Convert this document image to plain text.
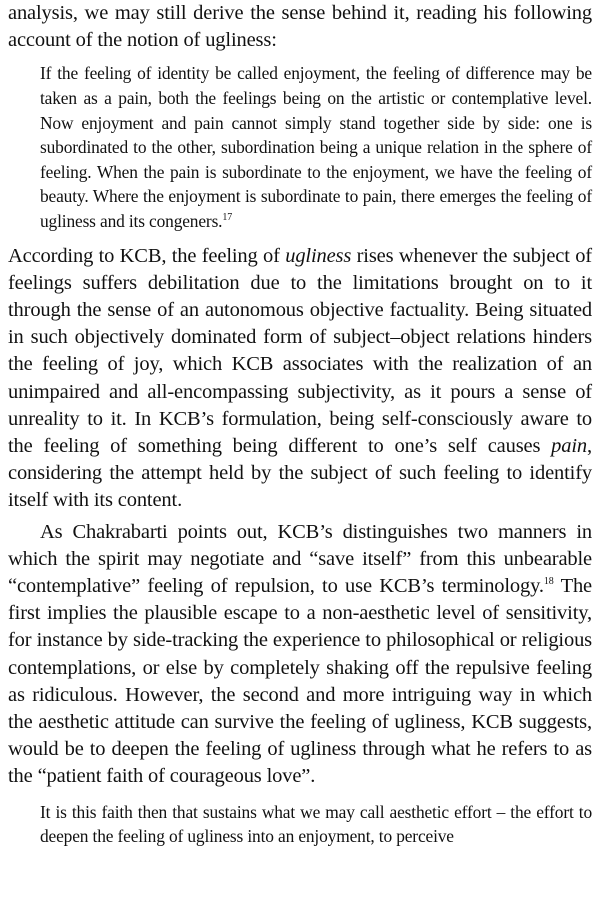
analysis, we may still derive the sense behind it, reading his following account of the notion of ugliness:

If the feeling of identity be called enjoyment, the feeling of difference may be taken as a pain, both the feelings being on the artistic or contemplative level. Now enjoyment and pain cannot simply stand together side by side: one is subordinated to the other, subordination being a unique relation in the sphere of feeling. When the pain is subordinate to the enjoyment, we have the feeling of beauty. Where the enjoyment is subordinate to pain, there emerges the feeling of ugliness and its congeners.$^{17}$

According to KCB, the feeling of ugliness rises whenever the subject of feelings suffers debilitation due to the limitations brought on to it through the sense of an autonomous objective factuality. Being situated in such objectively dominated form of subject–object relations hinders the feeling of joy, which KCB associates with the realization of an unimpaired and all-encompassing subjectivity, as it pours a sense of unreality to it. In KCB’s formulation, being self-consciously aware to the feeling of something being different to one’s self causes pain, considering the attempt held by the subject of such feeling to identify itself with its content.

As Chakrabarti points out, KCB’s distinguishes two manners in which the spirit may negotiate and “save itself” from this unbearable “contemplative” feeling of repulsion, to use KCB’s terminology.$^{18}$ The first implies the plausible escape to a non-aesthetic level of sensitivity, for instance by side-tracking the experience to philosophical or religious contemplations, or else by completely shaking off the repulsive feeling as ridiculous. However, the second and more intriguing way in which the aesthetic attitude can survive the feeling of ugliness, KCB suggests, would be to deepen the feeling of ugliness through what he refers to as the “patient faith of courageous love”.

It is this faith then that sustains what we may call aesthetic effort – the effort to deepen the feeling of ugliness into an enjoyment, to perceive
